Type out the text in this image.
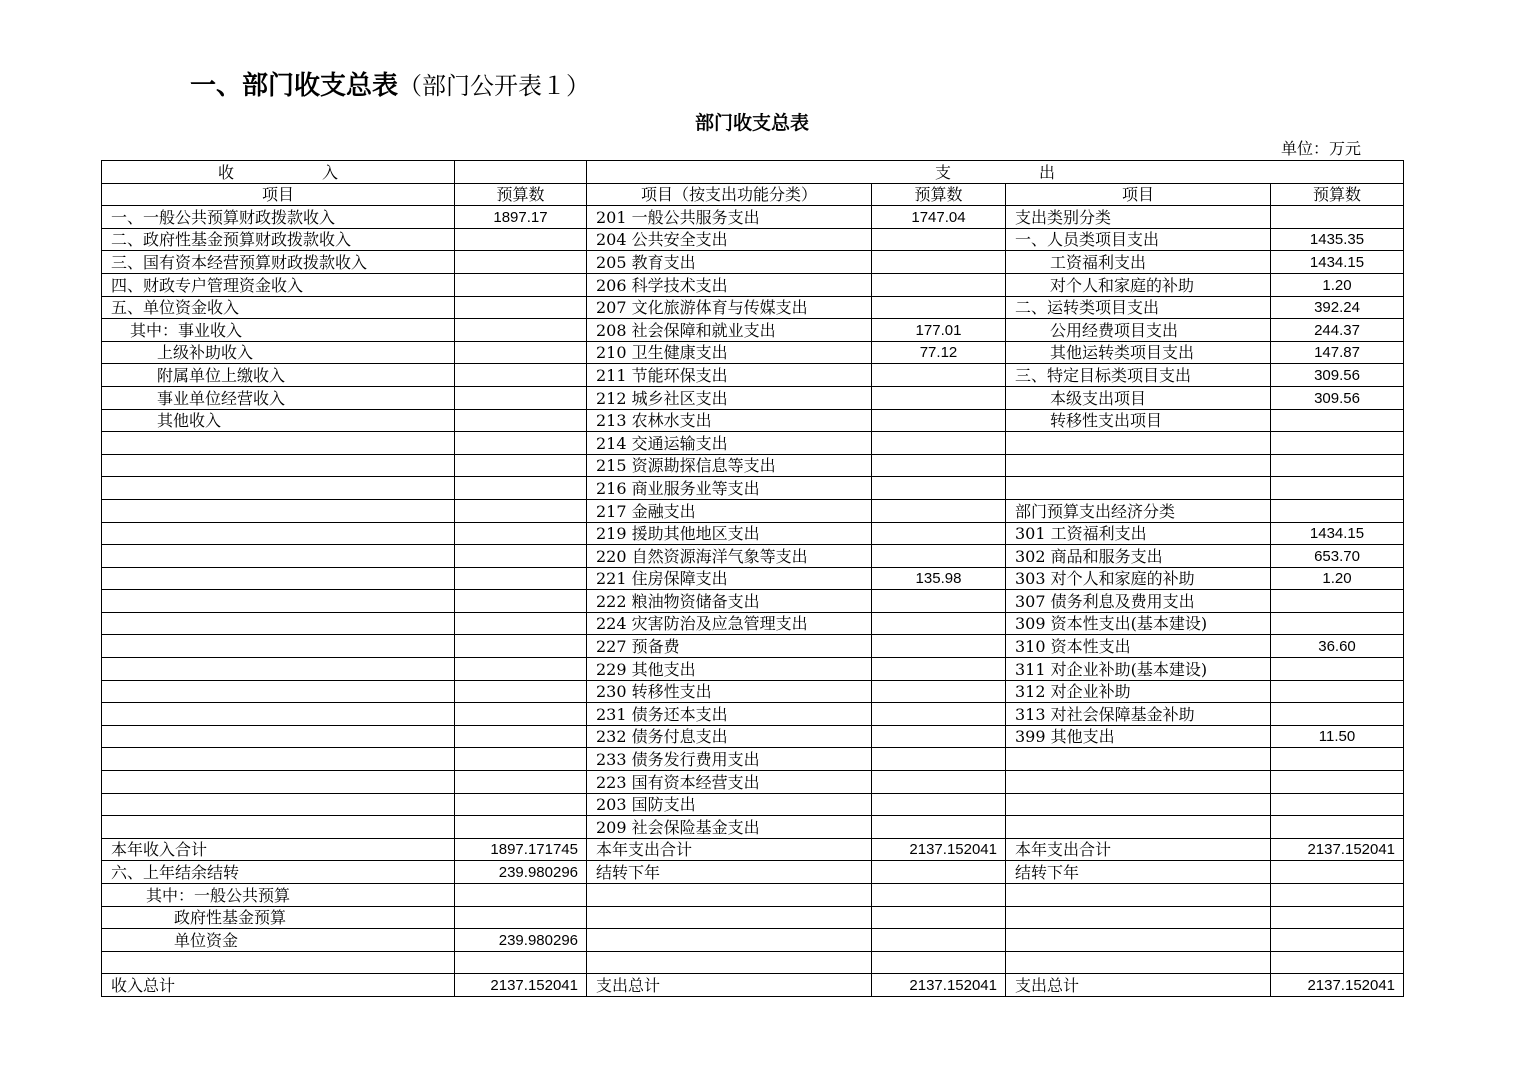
一、部门收支总表（部门公开表１）
部门收支总表
单位：万元
收 入		支 出			
项目	预算数	项目（按支出功能分类）	预算数	项目	预算数
一、一般公共预算财政拨款收入	1897.17	201 一般公共服务支出	1747.04	支出类别分类	
二、政府性基金预算财政拨款收入		204 公共安全支出		一、人员类项目支出	1435.35
三、国有资本经营预算财政拨款收入		205 教育支出		工资福利支出	1434.15
四、财政专户管理资金收入		206 科学技术支出		对个人和家庭的补助	1.20
五、单位资金收入		207 文化旅游体育与传媒支出		二、运转类项目支出	392.24
其中：事业收入		208 社会保障和就业支出	177.01	公用经费项目支出	244.37
上级补助收入		210 卫生健康支出	77.12	其他运转类项目支出	147.87
附属单位上缴收入		211 节能环保支出		三、特定目标类项目支出	309.56
事业单位经营收入		212 城乡社区支出		本级支出项目	309.56
其他收入		213 农林水支出		转移性支出项目	
		214 交通运输支出			
		215 资源勘探信息等支出			
		216 商业服务业等支出			
		217 金融支出		部门预算支出经济分类	
		219 援助其他地区支出		301 工资福利支出	1434.15
		220 自然资源海洋气象等支出		302 商品和服务支出	653.70
		221 住房保障支出	135.98	303 对个人和家庭的补助	1.20
		222 粮油物资储备支出		307 债务利息及费用支出	
		224 灾害防治及应急管理支出		309 资本性支出(基本建设)	
		227 预备费		310 资本性支出	36.60
		229 其他支出		311 对企业补助(基本建设)	
		230 转移性支出		312 对企业补助	
		231 债务还本支出		313 对社会保障基金补助	
		232 债务付息支出		399 其他支出	11.50
		233 债务发行费用支出			
		223 国有资本经营支出			
		203 国防支出			
		209 社会保险基金支出			
本年收入合计	1897.171745	本年支出合计	2137.152041	本年支出合计	2137.152041
六、上年结余结转	239.980296	结转下年		结转下年	
其中：一般公共预算					
政府性基金预算					
单位资金	239.980296				

收入总计	2137.152041	支出总计	2137.152041	支出总计	2137.152041
